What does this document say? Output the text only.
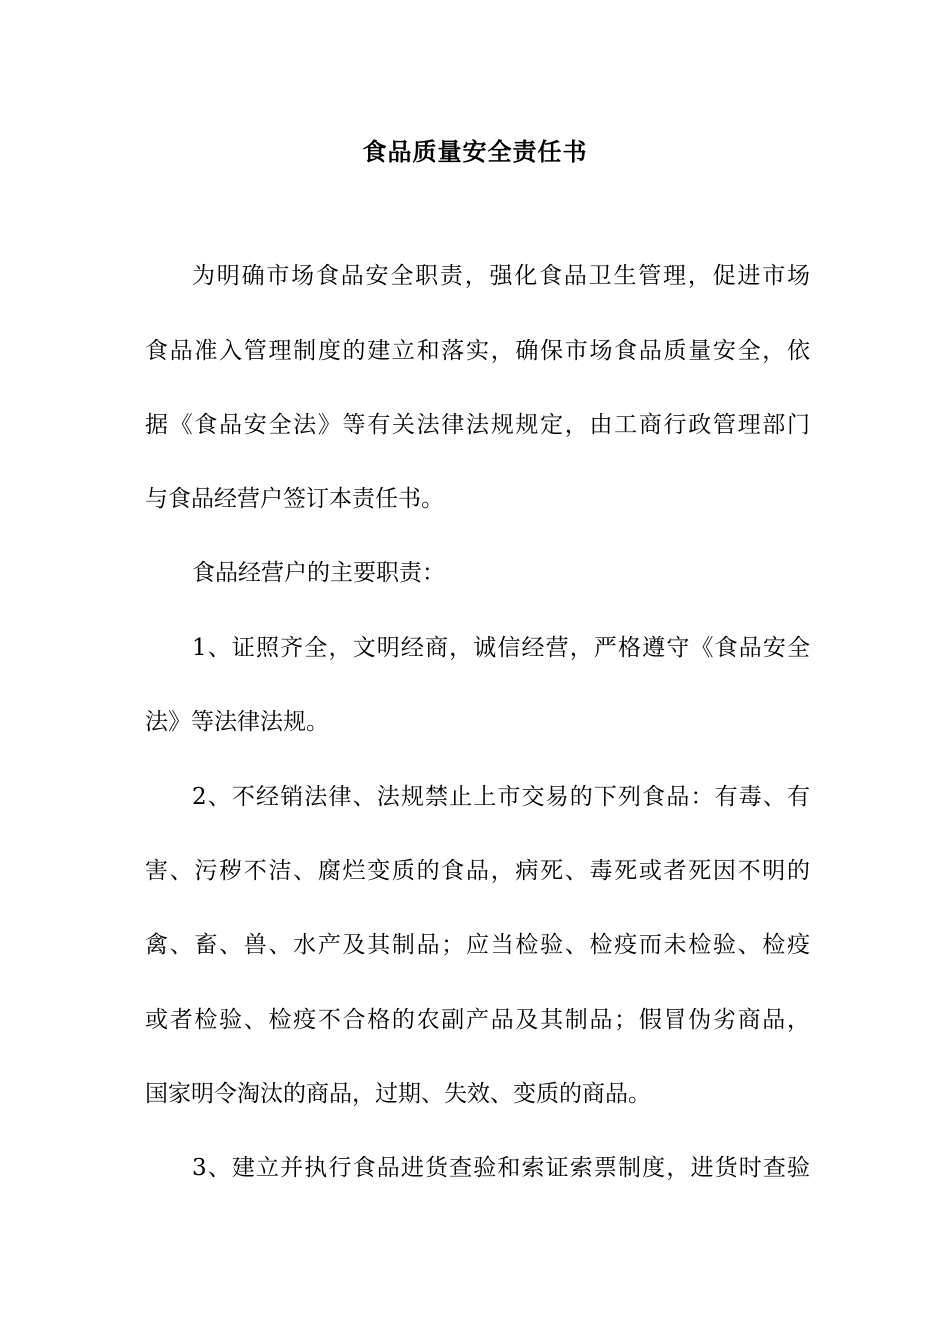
食品质量安全责任书
为明确市场食品安全职责，强化食品卫生管理，促进市场
食品准入管理制度的建立和落实，确保市场食品质量安全，依
据《食品安全法》等有关法律法规规定，由工商行政管理部门
与食品经营户签订本责任书。
食品经营户的主要职责：
1、证照齐全，文明经商，诚信经营，严格遵守《食品安全
法》等法律法规。
2、不经销法律、法规禁止上市交易的下列食品：有毒、有
害、污秽不洁、腐烂变质的食品，病死、毒死或者死因不明的
禽、畜、兽、水产及其制品；应当检验、检疫而未检验、检疫
或者检验、检疫不合格的农副产品及其制品；假冒伪劣商品，
国家明令淘汰的商品，过期、失效、变质的商品。
3、建立并执行食品进货查验和索证索票制度，进货时查验
